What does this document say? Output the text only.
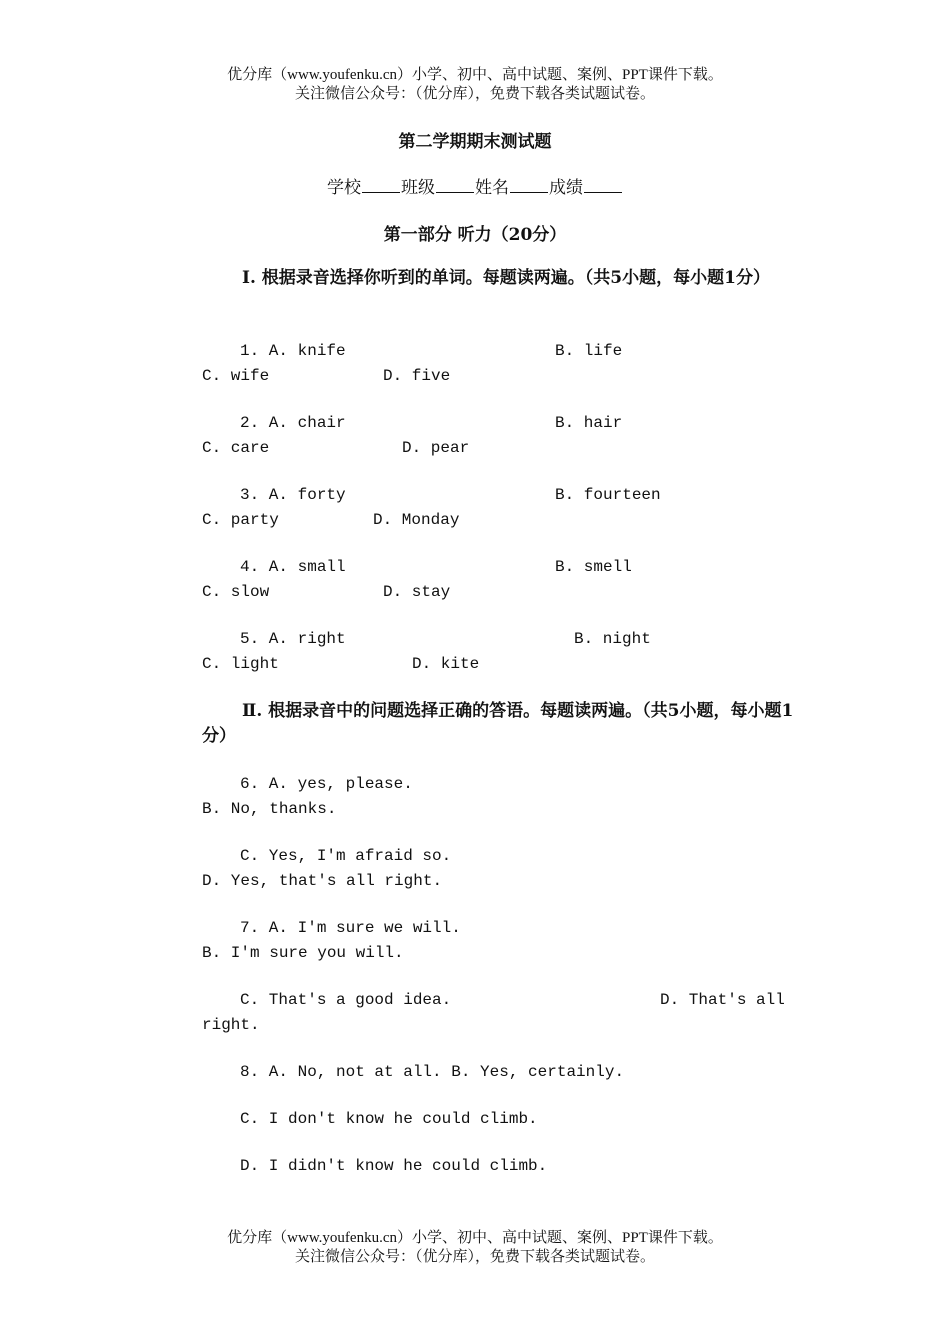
优分库（www.youfenku.cn）小学、初中、高中试题、案例、PPT课件下载。
关注微信公众号：（优分库），免费下载各类试题试卷。
第二学期期末测试题
学校 班级 姓名 成绩
第一部分 听力（20分）
Ⅰ. 根据录音选择你听到的单词。每题读两遍。（共5小题，每小题1分）
1. A. knife	B. life
C. wife	D. five
2. A. chair	B. hair
C. care	D. pear
3. A. forty	B. fourteen
C. party	D. Monday
4. A. small	B. smell
C. slow	D. stay
5. A. right	B. night
C. light	D. kite
Ⅱ. 根据录音中的问题选择正确的答语。每题读两遍。（共5小题，每小题1分）
6. A. yes, please.
B. No, thanks.
C. Yes, I'm afraid so.
D. Yes, that's all right.
7. A. I'm sure we will.
B. I'm sure you will.
C. That's a good idea.	D. That's all
right.
8. A. No, not at all. B. Yes, certainly.
C. I don't know he could climb.
D. I didn't know he could climb.
优分库（www.youfenku.cn）小学、初中、高中试题、案例、PPT课件下载。
关注微信公众号：（优分库），免费下载各类试题试卷。
